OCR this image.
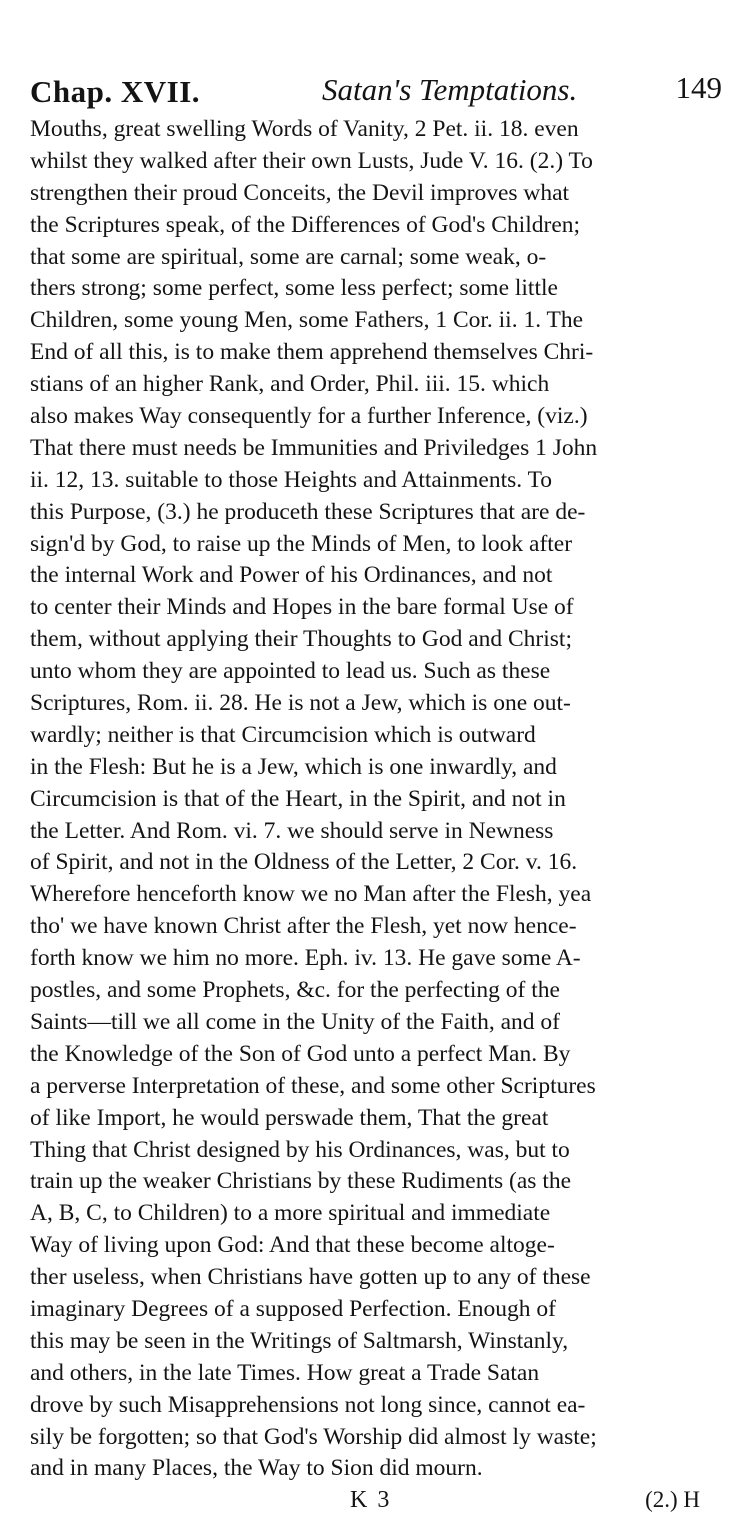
Chap. XVII.	Satan's Temptations.	149
Mouths, great swelling Words of Vanity, 2 Pet. ii. 18. even
whilst they walked after their own Lusts, Jude V. 16. (2.) To
strengthen their proud Conceits, the Devil improves what
the Scriptures speak, of the Differences of God's Children;
that some are spiritual, some are carnal; some weak, o-
thers strong; some perfect, some less perfect; some little
Children, some young Men, some Fathers, 1 Cor. ii. 1. The
End of all this, is to make them apprehend themselves Chri-
stians of an higher Rank, and Order, Phil. iii. 15. which
also makes Way consequently for a further Inference, (viz.)
That there must needs be Immunities and Priviledges 1 John
ii. 12, 13. suitable to those Heights and Attainments. To
this Purpose, (3.) he produceth these Scriptures that are de-
sign'd by God, to raise up the Minds of Men, to look after
the internal Work and Power of his Ordinances, and not
to center their Minds and Hopes in the bare formal Use of
them, without applying their Thoughts to God and Christ;
unto whom they are appointed to lead us. Such as these
Scriptures, Rom. ii. 28. He is not a Jew, which is one out-
wardly; neither is that Circumcision which is outward
in the Flesh: But he is a Jew, which is one inwardly, and
Circumcision is that of the Heart, in the Spirit, and not in
the Letter. And Rom. vi. 7. we should serve in Newness
of Spirit, and not in the Oldness of the Letter, 2 Cor. v. 16.
Wherefore henceforth know we no Man after the Flesh, yea
tho' we have known Christ after the Flesh, yet now hence-
forth know we him no more. Eph. iv. 13. He gave some A-
postles, and some Prophets, &c. for the perfecting of the
Saints—till we all come in the Unity of the Faith, and of
the Knowledge of the Son of God unto a perfect Man. By
a perverse Interpretation of these, and some other Scriptures
of like Import, he would perswade them, That the great
Thing that Christ designed by his Ordinances, was, but to
train up the weaker Christians by these Rudiments (as the
A, B, C, to Children) to a more spiritual and immediate
Way of living upon God: And that these become altoge-
ther useless, when Christians have gotten up to any of these
imaginary Degrees of a supposed Perfection. Enough of
this may be seen in the Writings of Saltmarsh, Winstanly,
and others, in the late Times. How great a Trade Satan
drove by such Misapprehensions not long since, cannot ea-
sily be forgotten; so that God's Worship did almost ly waste;
and in many Places, the Way to Sion did mourn.
K 3	(2.) H
